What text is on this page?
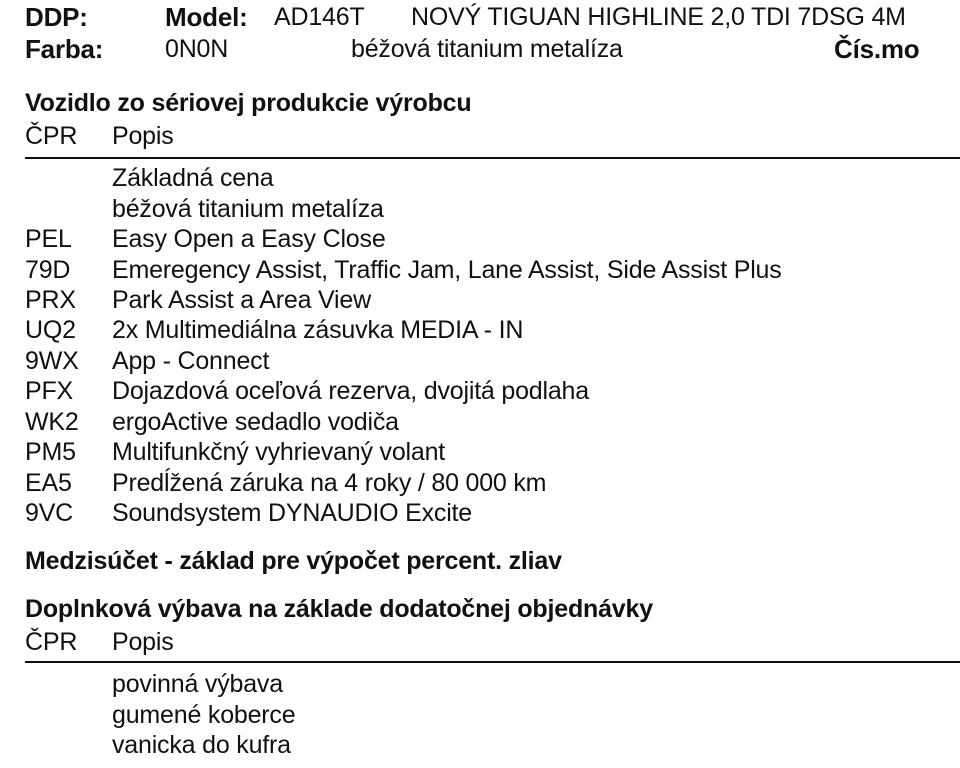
DDP:	Model: AD146T NOVÝ TIGUAN HIGHLINE 2,0 TDI 7DSG 4M
Farba: 0N0N	béžová titanium metalíza	Čís.mo
Vozidlo zo sériovej produkcie výrobcu
ČPR Popis
Základná cena
béžová titanium metalíza
PEL Easy Open a Easy Close
79D Emeregency Assist, Traffic Jam, Lane Assist, Side Assist Plus
PRX Park Assist a Area View
UQ2 2x Multimediálna zásuvka MEDIA - IN
9WX App - Connect
PFX Dojazdová oceľová rezerva, dvojitá podlaha
WK2 ergoActive sedadlo vodiča
PM5 Multifunkčný vyhrievaný volant
EA5 Predĺžená záruka na 4 roky / 80 000 km
9VC Soundsystem DYNAUDIO Excite
Medzisúčet - základ pre výpočet percent. zliav
Doplnková výbava na základe dodatočnej objednávky
ČPR Popis
povinná výbava
gumené koberce
vanicka do kufra
